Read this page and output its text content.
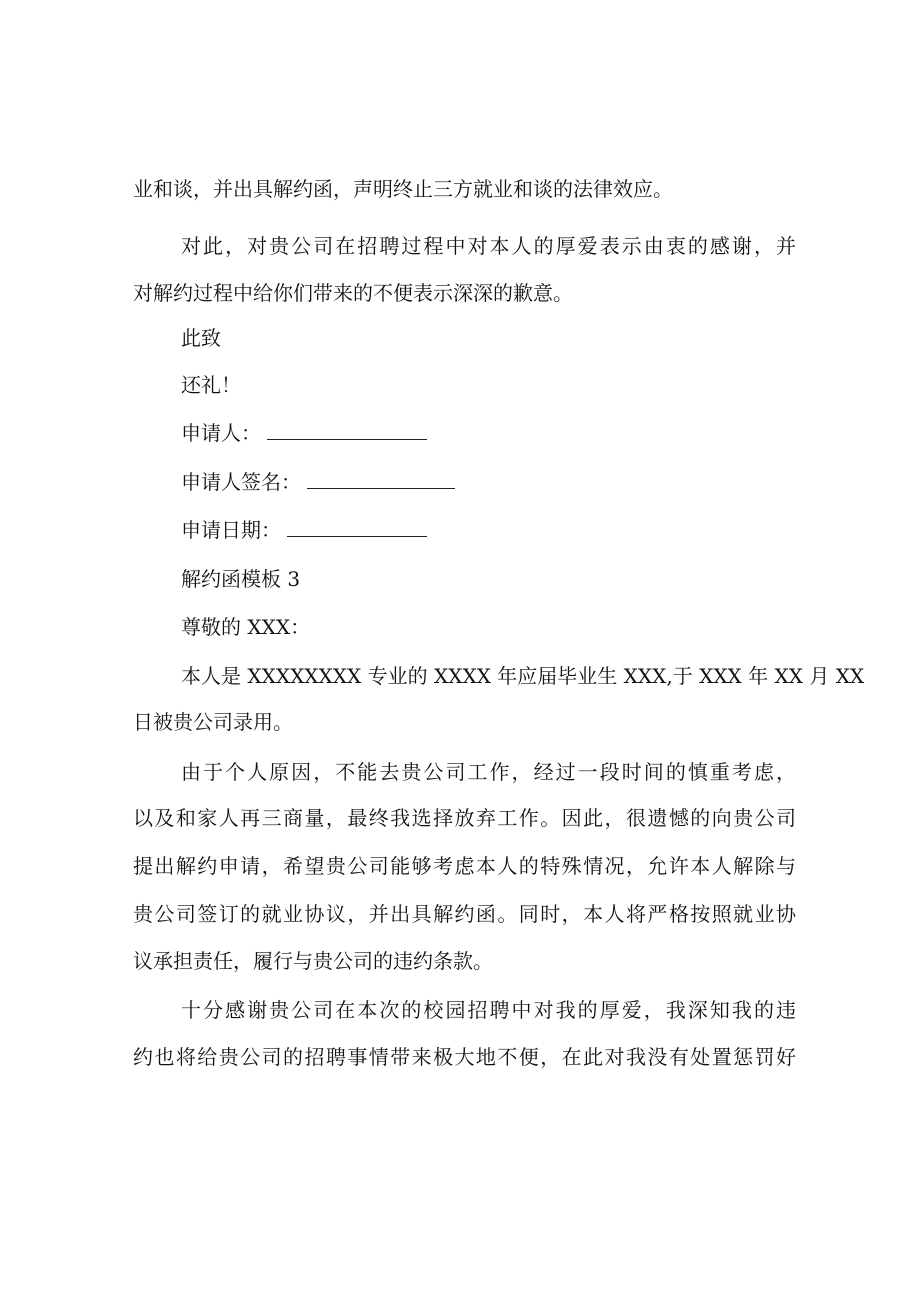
业和谈，并出具解约函，声明终止三方就业和谈的法律效应。
对此，对贵公司在招聘过程中对本人的厚爱表示由衷的感谢，并
对解约过程中给你们带来的不便表示深深的歉意。
此致
还礼！
申请人：
申请人签名：
申请日期：
解约函模板 3
尊敬的 XXX：
本人是 XXXXXXXX 专业的 XXXX 年应届毕业生 XXX,于 XXX 年 XX 月 XX
日被贵公司录用。
由于个人原因，不能去贵公司工作，经过一段时间的慎重考虑，
以及和家人再三商量，最终我选择放弃工作。因此，很遗憾的向贵公司
提出解约申请，希望贵公司能够考虑本人的特殊情况，允许本人解除与
贵公司签订的就业协议，并出具解约函。同时，本人将严格按照就业协
议承担责任，履行与贵公司的违约条款。
十分感谢贵公司在本次的校园招聘中对我的厚爱，我深知我的违
约也将给贵公司的招聘事情带来极大地不便，在此对我没有处置惩罚好
